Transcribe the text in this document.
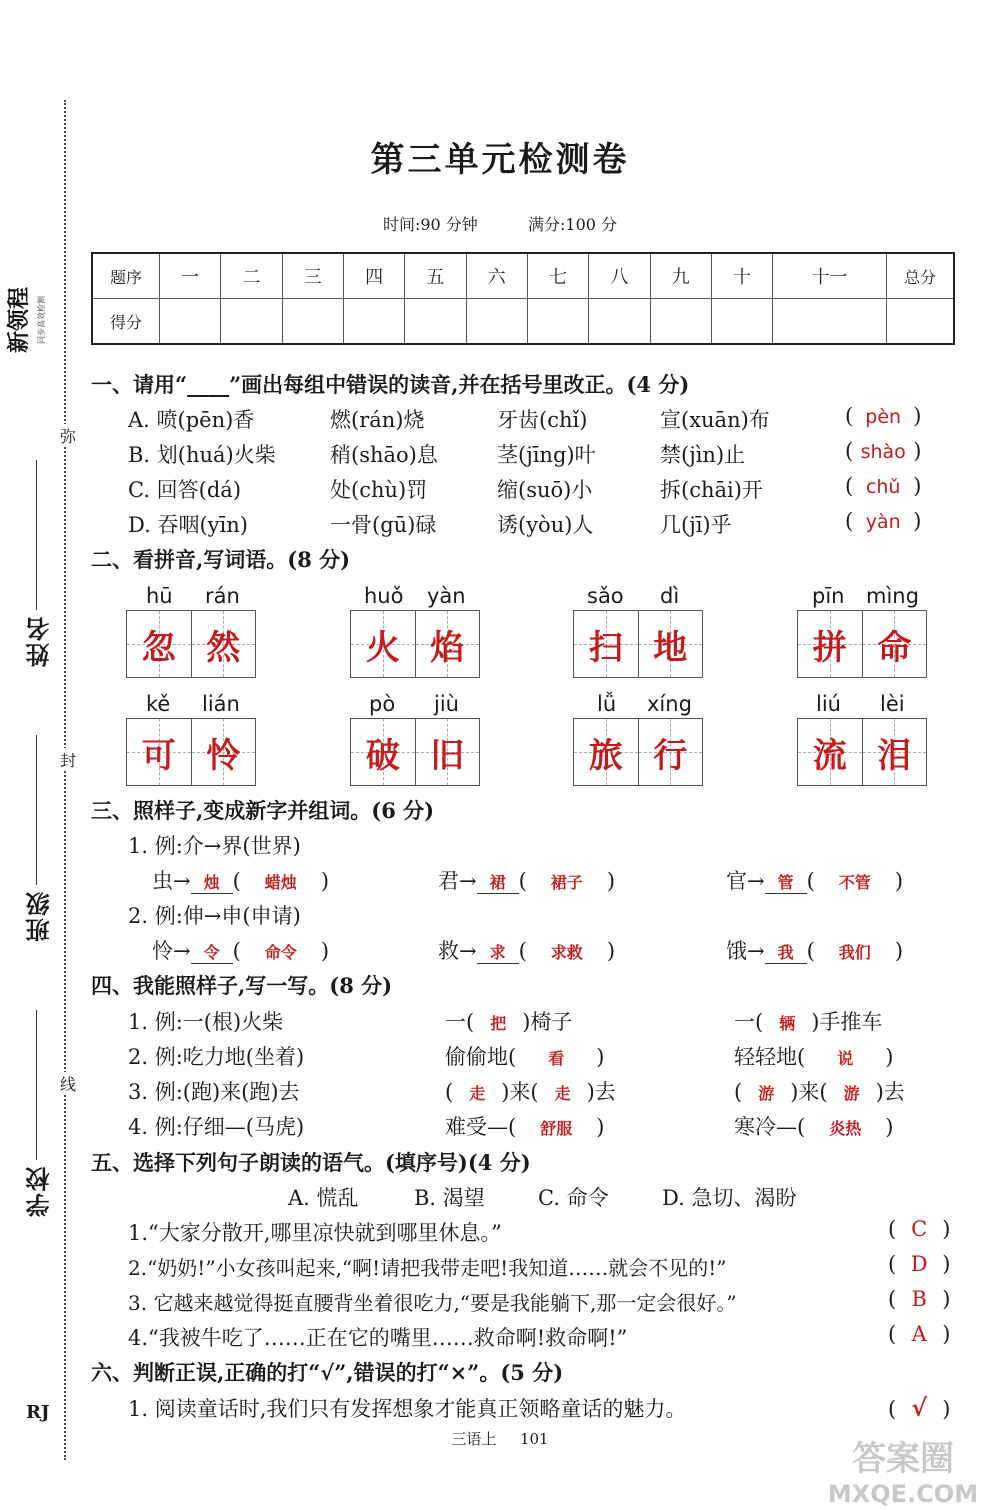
新领程 同步高效检测
弥
封
线
姓名
班级
学校
RJ
第三单元检测卷
时间:90 分钟	满分:100 分
题序	一	二	三	四	五	六	七	八	九	十	十一	总分
得分												
一、请用“____”画出每组中错误的读音,并在括号里改正。(4 分)
A. 喷(pēn)香	燃(rán)烧	牙齿(chǐ)	宣(xuān)布	( pèn )
B. 划(huá)火柴	稍(shāo)息	茎(jīng)叶	禁(jìn)止	( shào )
C. 回答(dá)	处(chù)罚	缩(suō)小	拆(chāi)开	( chǔ )
D. 吞咽(yīn)	一骨(gū)碌	诱(yòu)人	几(jī)乎	( yàn )
二、看拼音,写词语。(8 分)
hū rán
忽 然
huǒ yàn
火 焰
sǎo dì
扫 地
pīn mìng
拼 命
kě lián
可 怜
pò jiù
破 旧
lǚ xíng
旅 行
liú lèi
流 泪
三、照样子,变成新字并组词。(6 分)
1. 例:介→界(世界)
虫→ 烛 ( 蜡烛 )	君→ 裙 ( 裙子 )	官→ 管 ( 不管 )
2. 例:伸→申(申请)
怜→ 令 ( 命令 )	救→ 求 ( 求救 )	饿→ 我 ( 我们 )
四、我能照样子,写一写。(8 分)
1. 例:一(根)火柴	一( 把 )椅子	一( 辆 )手推车
2. 例:吃力地(坐着)	偷偷地( 看 )	轻轻地( 说 )
3. 例:(跑)来(跑)去	( 走 )来( 走 )去	( 游 )来( 游 )去
4. 例:仔细—(马虎)	难受—( 舒服 )	寒冷—( 炎热 )
五、选择下列句子朗读的语气。(填序号)(4 分)
A. 慌乱	B. 渴望	C. 命令	D. 急切、渴盼
1.“大家分散开,哪里凉快就到哪里休息。”	( C )
2.“奶奶!”小女孩叫起来,“啊!请把我带走吧!我知道……就会不见的!”	( D )
3. 它越来越觉得挺直腰背坐着很吃力,“要是我能躺下,那一定会很好。”	( B )
4.“我被牛吃了……正在它的嘴里……救命啊!救命啊!”	( A )
六、判断正误,正确的打“√”,错误的打“×”。(5 分)
1. 阅读童话时,我们只有发挥想象才能真正领略童话的魅力。	( √ )
三语上 101	答案圈
MXQE.COM
